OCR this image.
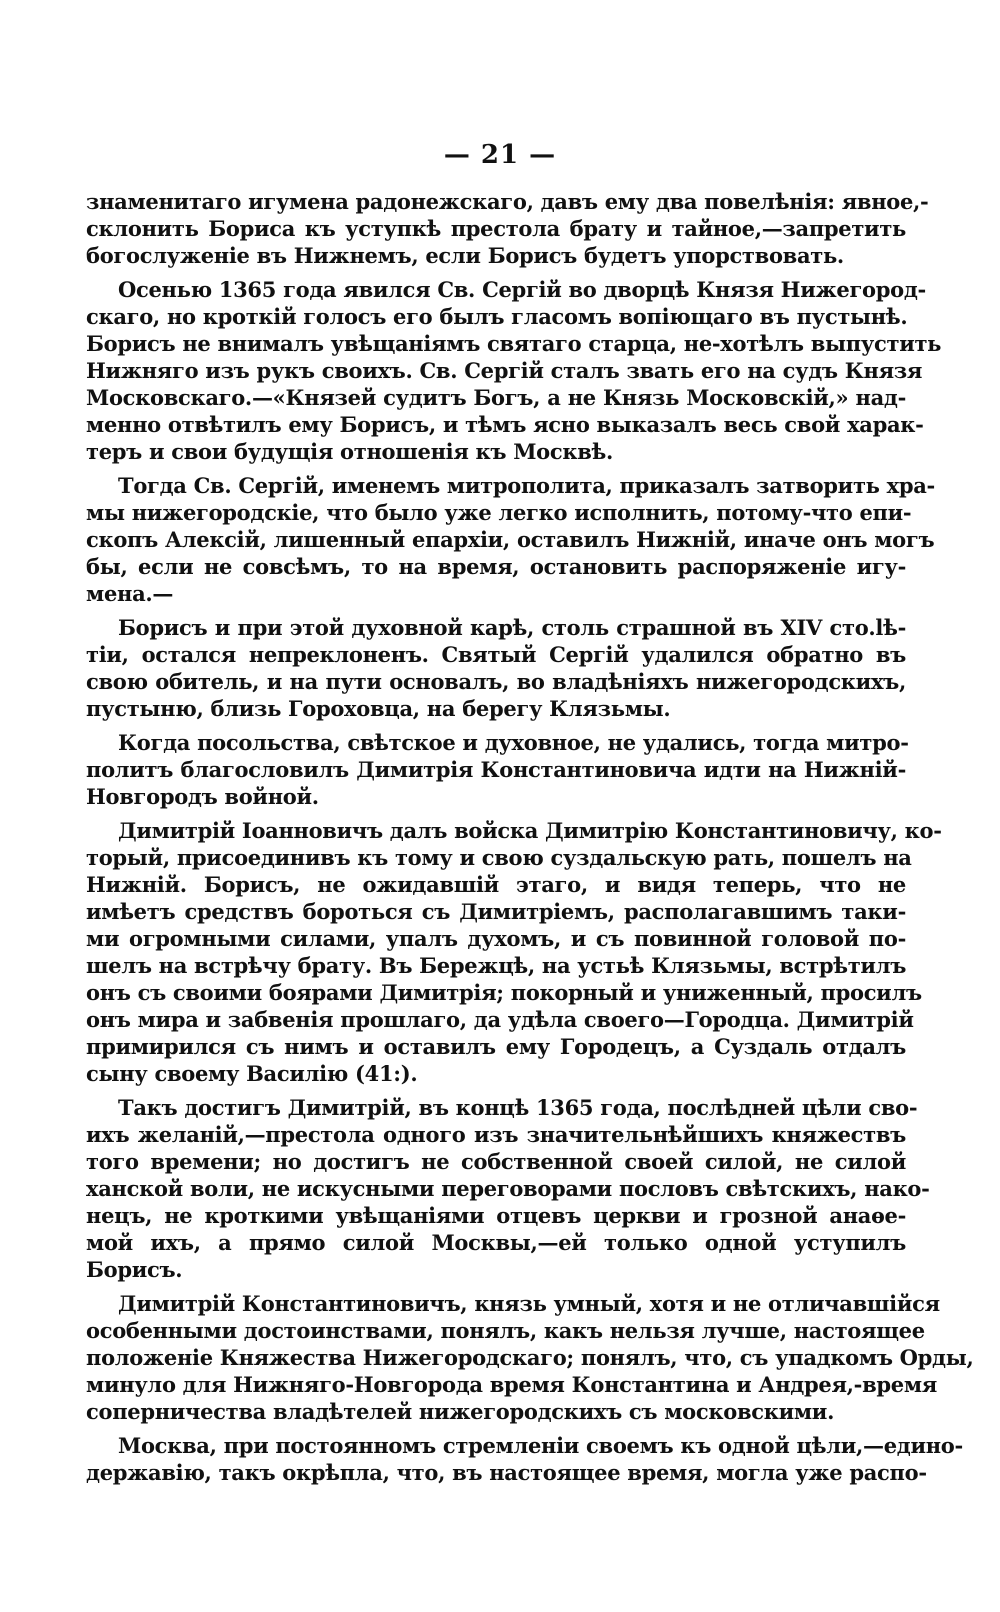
— 21 —
знаменитаго игумена радонежскаго, давъ ему два повелѣнія: явное,-
склонить Бориса къ уступкѣ престола брату и тайное,—запретить
богослуженіе въ Нижнемъ, если Борисъ будетъ упорствовать.
Осенью 1365 года явился Св. Сергій во дворцѣ Князя Нижегород-
скаго, но кроткій голосъ его былъ гласомъ вопіющаго въ пустынѣ.
Борисъ не внималъ увѣщаніямъ святаго старца, не-хотѣлъ выпустить
Нижняго изъ рукъ своихъ. Св. Сергій сталъ звать его на судъ Князя
Московскаго.—«Князей судитъ Богъ, а не Князь Московскій,» над-
менно отвѣтилъ ему Борисъ, и тѣмъ ясно выказалъ весь свой харак-
теръ и свои будущія отношенія къ Москвѣ.
Тогда Св. Сергій, именемъ митрополита, приказалъ затворить хра-
мы нижегородскіе, что было уже легко исполнить, потому-что епи-
скопъ Алексій, лишенный епархіи, оставилъ Нижній, иначе онъ могъ
бы, если не совсѣмъ, то на время, остановить распоряженіе игу-
мена.—
Борисъ и при этой духовной карѣ, столь страшной въ XIV сто.lѣ-
тіи, остался непреклоненъ. Святый Сергій удалился обратно въ
свою обитель, и на пути основалъ, во владѣніяхъ нижегородскихъ,
пустыню, близь Гороховца, на берегу Клязьмы.
Когда посольства, свѣтское и духовное, не удались, тогда митро-
политъ благословилъ Димитрія Константиновича идти на Нижній-
Новгородъ войной.
Димитрій Іоанновичъ далъ войска Димитрію Константиновичу, ко-
торый, присоединивъ къ тому и свою суздальскую рать, пошелъ на
Нижній. Борисъ, не ожидавшій этаго, и видя теперь, что не
имѣетъ средствъ бороться съ Димитріемъ, располагавшимъ таки-
ми огромными силами, упалъ духомъ, и съ повинной головой по-
шелъ на встрѣчу брату. Въ Бережцѣ, на устьѣ Клязьмы, встрѣтилъ
онъ съ своими боярами Димитрія; покорный и униженный, просилъ
онъ мира и забвенія прошлаго, да удѣла своего—Городца. Димитрій
примирился съ нимъ и оставилъ ему Городецъ, а Суздаль отдалъ
сыну своему Василію (41:).
Такъ достигъ Димитрій, въ концѣ 1365 года, послѣдней цѣли сво-
ихъ желаній,—престола одного изъ значительнѣйшихъ княжествъ
того времени; но достигъ не собственной своей силой, не силой
ханской воли, не искусными переговорами пословъ свѣтскихъ, нако-
нецъ, не кроткими увѣщаніями отцевъ церкви и грозной анаѳе-
мой ихъ, а прямо силой Москвы,—ей только одной уступилъ
Борисъ.
Димитрій Константиновичъ, князь умный, хотя и не отличавшійся
особенными достоинствами, понялъ, какъ нельзя лучше, настоящее
положеніе Княжества Нижегородскаго; понялъ, что, съ упадкомъ Орды,
минуло для Нижняго-Новгорода время Константина и Андрея,-время
соперничества владѣтелей нижегородскихъ съ московскими.
Москва, при постоянномъ стремленіи своемъ къ одной цѣли,—едино-
державію, такъ окрѣпла, что, въ настоящее время, могла уже распо-
